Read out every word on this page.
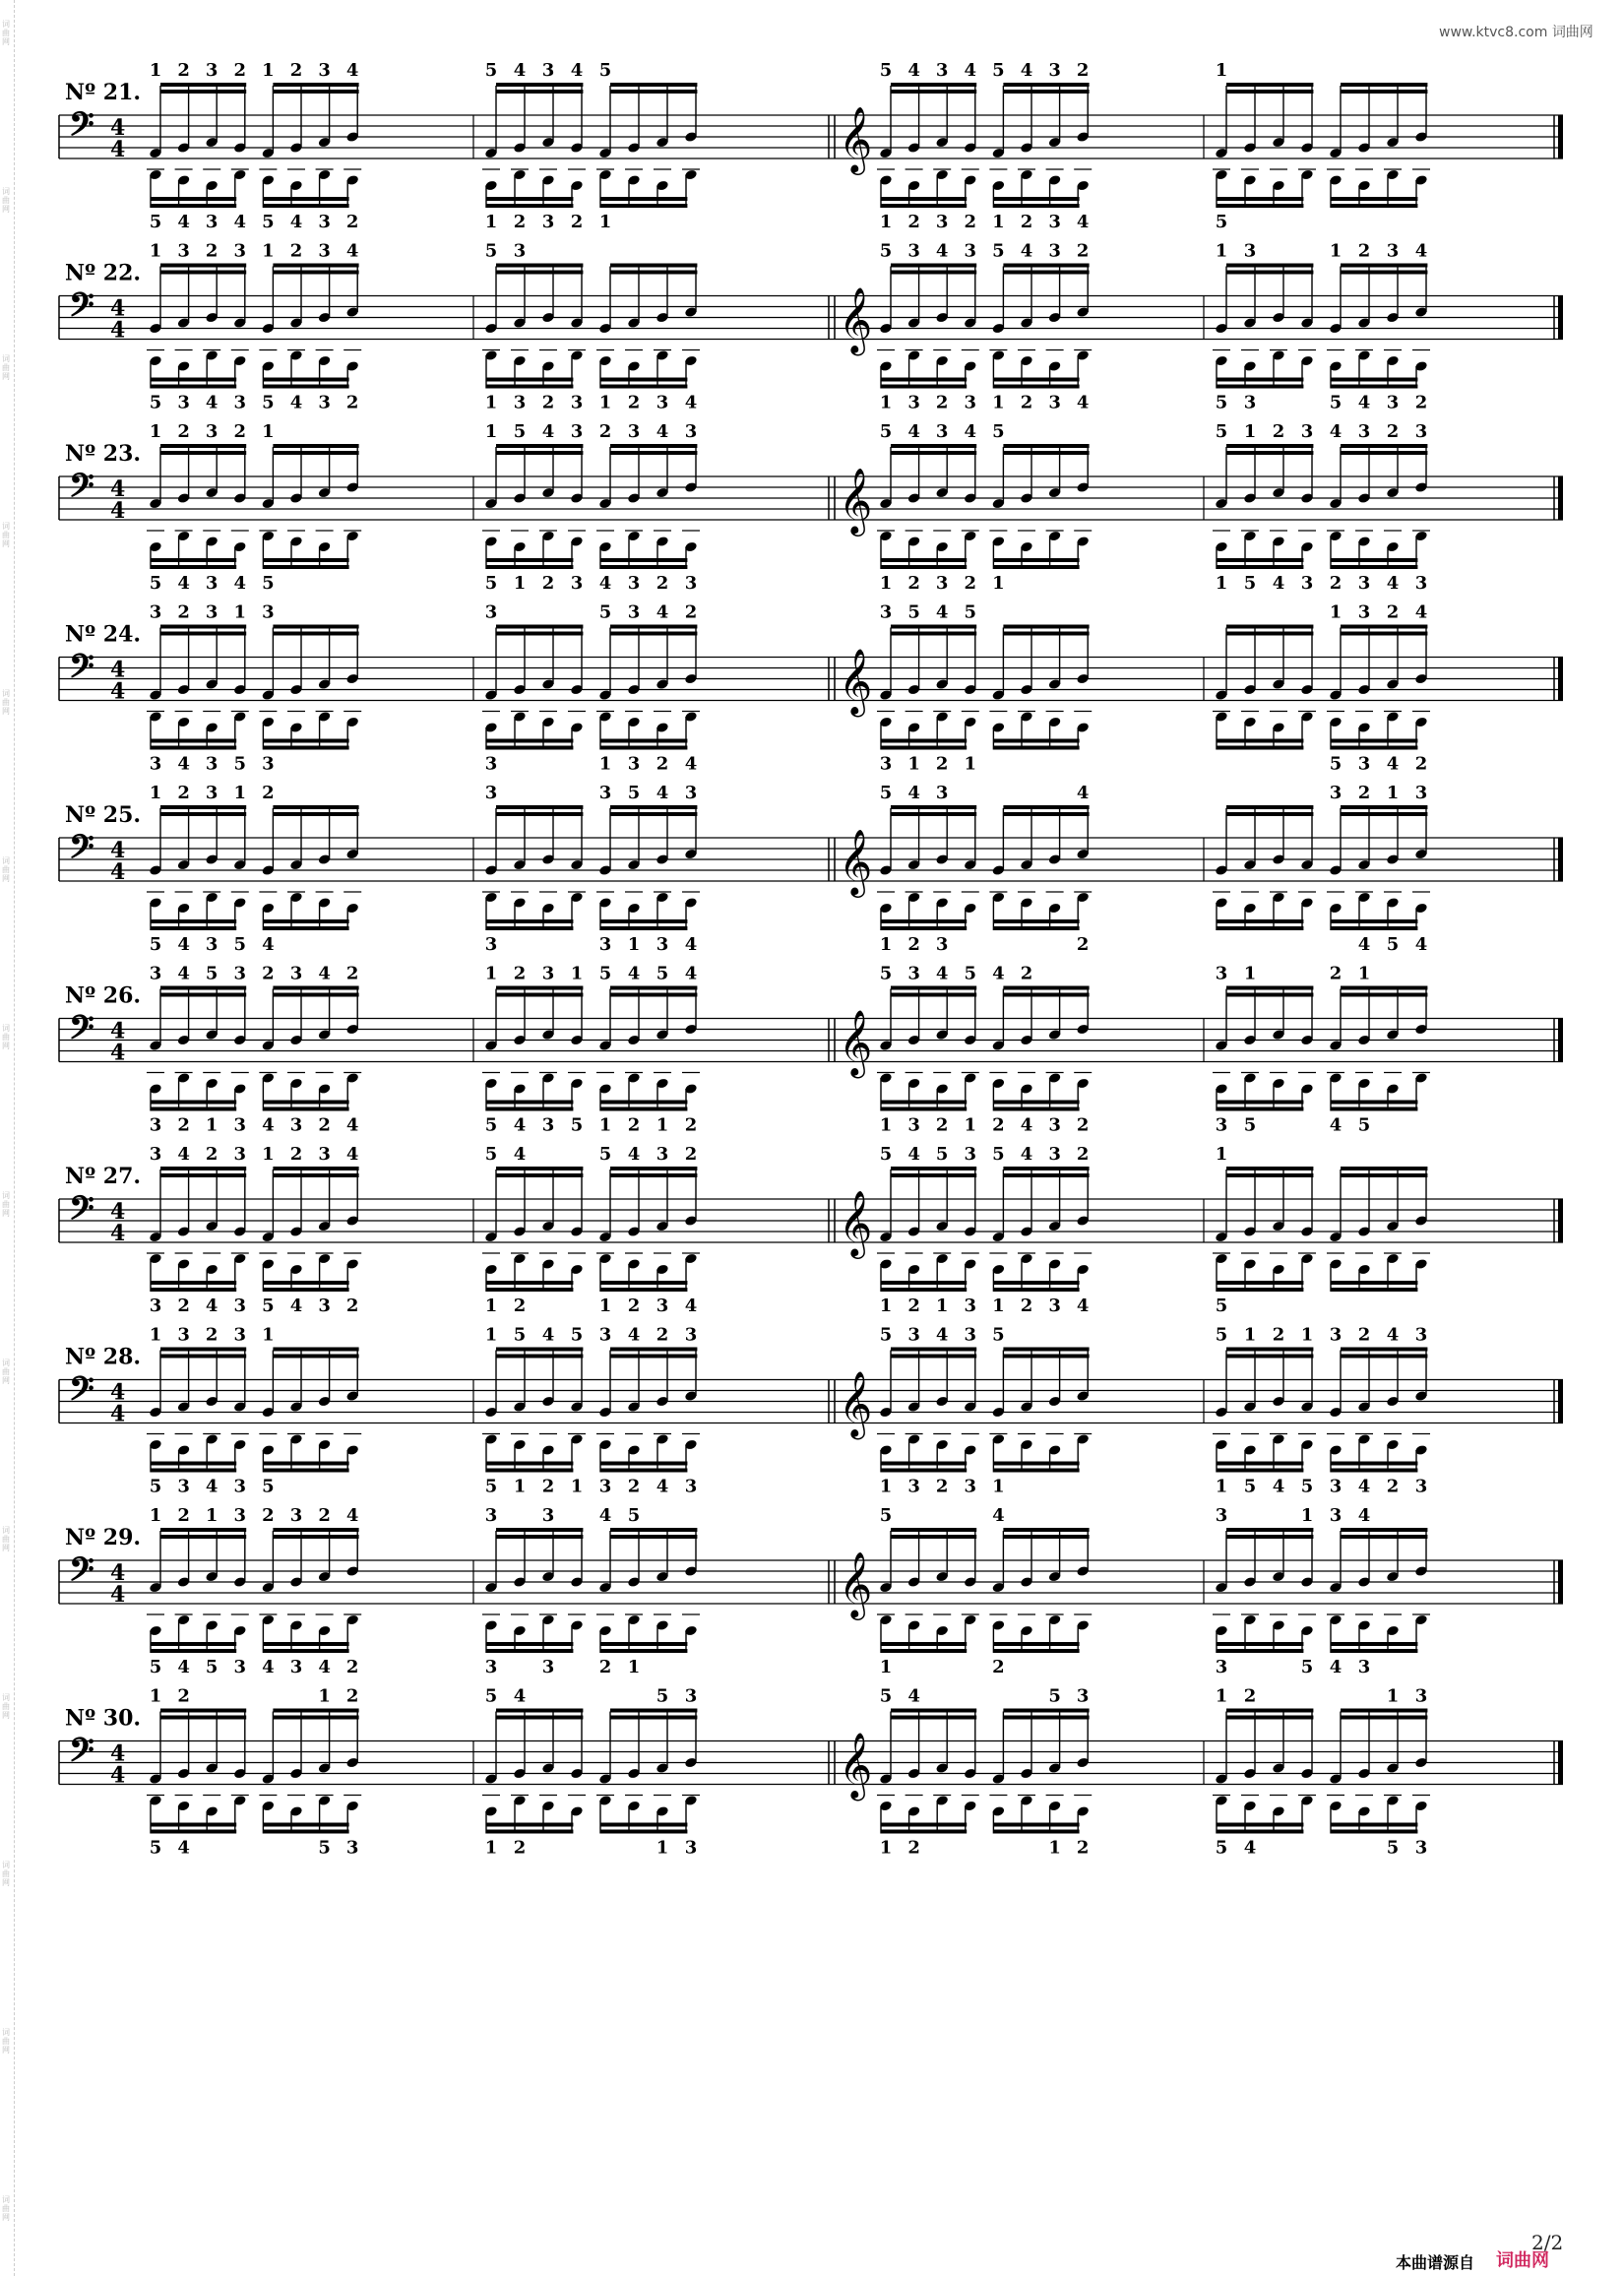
词曲网
词曲网
词曲网
词曲网
词曲网
词曲网
词曲网
词曲网
词曲网
词曲网
词曲网
词曲网
词曲网
词曲网
www.ktvc8.com 词曲网
𝄢 4
4	𝄞
Nº 21.
1
5
5
1
2
4
4
2
3
3
3
3
2
4
4
2
1
5
5
1
2
4
4
2
3
3
3
3
4
2
2
4
5
1
1
5
4
2
3
3
4
2
5
1
𝄢 4
4	𝄞
Nº 22.
1
5
5
1
3
3
3
3
2
4
4
2
3
3
3
3
1
5
5
1
2
4
4
2
3
3
3
3
4
2
2
4
5
1
1
5
3
3
3
3
2 3 1
1
5
2
2
4
3
3
3
4
4
2
𝄢 4
4	𝄞
Nº 23.
1
5
5
1
2
4
4
2
3
3
3
3
2
4
4
2
1
5
5
1
1
5
5
1
5
1
1
5
4
2
2
4
3
3
3
3
2
4
4
2
3
3
3
3
4
2
2
4
3
3
3
3
𝄢 4
4	𝄞
Nº 24.
3
3
3
3
2
4
5
1
3
3
4
2
1
5
5
1
3
3
3
3
5
1
1
5
3
3
3
3
4
2
2
4
2
4
4
2
𝄢 4
4	𝄞
Nº 25.
1
5
5
1
2
4
4
2
3
3
3
3
1
5
2
4
4
2
3
3
3
3
3
5
1
2
4
4
3
1
5
3
4
3
4
𝄢 4
4	𝄞
Nº 26.
3
3
5
1
4
2
3
3
5
1
4
2
3
3
5
1
2
4
4
2
3
3
2
4
4
2	3
2
4	2
1
5
3
3
2
4
1
5
3
3
1
5
5
1
2
4
4
2
1
5
5
1
4
2
𝄢 4
4	𝄞
Nº 27.
3
3
5
1
4
2
4
2
2
4
5
1
3
3
3
3
1
5
5
1
2
4
4
2
3
3
3
3
4
2
2
4
5
1
1
5
4
2
5
1
4
2
3
3
2
4
𝄢 4
4	𝄞
Nº 28.
1
5
5
1
3
3
3
3
2
4
4
2
3
3
3
3
1
5
5
1
1
5
5
1
5
1
1
5
4
2
2
4
5
1
1
5
3
3
3
3
4
2
2
4
2
4
4
2
3
3
3
3
𝄢 4
4	𝄞
Nº 29.
1
5
5
1
2
4
1
5
3
3
2
4
4
2
3
3
2
4
4
2
3
3
3
3
3
3
1
5
4
2
3
4
5
1
4
3
𝄢 4
4	𝄞
Nº 30.
1
5
5
1
2
4
4
2
1
5
5
1
2
3
3
2
5
1
1
5
4
2
2
4
5
1
1
5
3
3
3
3
本曲谱源自 词曲网
2/2
